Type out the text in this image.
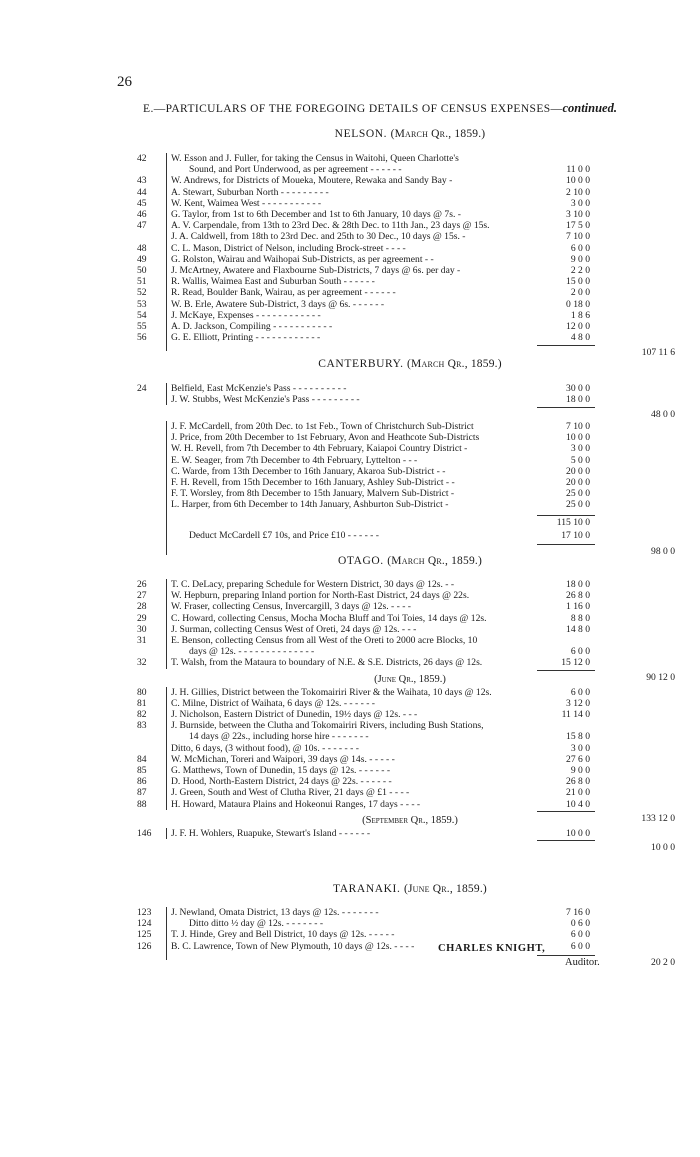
26
E.—PARTICULARS OF THE FOREGOING DETAILS OF CENSUS EXPENSES—continued.
NELSON. (March Qr., 1859.)
42	W. Esson and J. Fuller, for taking the Census in Waitohi, Queen Charlotte's
Sound, and Port Underwood, as per agreement - - - - - -	11 0 0
43	W. Andrews, for Districts of Moueka, Moutere, Rewaka and Sandy Bay -	10 0 0
44	A. Stewart, Suburban North - - - - - - - - -	2 10 0
45	W. Kent, Waimea West - - - - - - - - - - -	3 0 0
46	G. Taylor, from 1st to 6th December and 1st to 6th January, 10 days @ 7s. -	3 10 0
47	A. V. Carpendale, from 13th to 23rd Dec. & 28th Dec. to 11th Jan., 23 days @ 15s.	17 5 0
J. A. Caldwell, from 18th to 23rd Dec. and 25th to 30 Dec., 10 days @ 15s. -	7 10 0
48	C. L. Mason, District of Nelson, including Brock-street - - - -	6 0 0
49	G. Rolston, Wairau and Waihopai Sub-Districts, as per agreement - -	9 0 0
50	J. McArtney, Awatere and Flaxbourne Sub-Districts, 7 days @ 6s. per day -	2 2 0
51	R. Wallis, Waimea East and Suburban South - - - - - -	15 0 0
52	R. Read, Boulder Bank, Wairau, as per agreement - - - - - -	2 0 0
53	W. B. Erle, Awatere Sub-District, 3 days @ 6s. - - - - - -	0 18 0
54	J. McKaye, Expenses - - - - - - - - - - - -	1 8 6
55	A. D. Jackson, Compiling - - - - - - - - - - -	12 0 0
56	G. E. Elliott, Printing - - - - - - - - - - - -	4 8 0
107 11 6
CANTERBURY. (March Qr., 1859.)
24	Belfield, East McKenzie's Pass - - - - - - - - - -	30 0 0
J. W. Stubbs, West McKenzie's Pass - - - - - - - - -	18 0 0
48 0 0
J. F. McCardell, from 20th Dec. to 1st Feb., Town of Christchurch Sub-District	7 10 0
J. Price, from 20th December to 1st February, Avon and Heathcote Sub-Districts	10 0 0
W. H. Revell, from 7th December to 4th February, Kaiapoi Country District -	3 0 0
E. W. Seager, from 7th December to 4th February, Lyttelton - - -	5 0 0
C. Warde, from 13th December to 16th January, Akaroa Sub-District - -	20 0 0
F. H. Revell, from 15th December to 16th January, Ashley Sub-District - -	20 0 0
F. T. Worsley, from 8th December to 15th January, Malvern Sub-District -	25 0 0
L. Harper, from 6th December to 14th January, Ashburton Sub-District -	25 0 0
115 10 0
Deduct McCardell £7 10s, and Price £10 - - - - - -	17 10 0
98 0 0
OTAGO. (March Qr., 1859.)
26	T. C. DeLacy, preparing Schedule for Western District, 30 days @ 12s. - -	18 0 0
27	W. Hepburn, preparing Inland portion for North-East District, 24 days @ 22s.	26 8 0
28	W. Fraser, collecting Census, Invercargill, 3 days @ 12s. - - - -	1 16 0
29	C. Howard, collecting Census, Mocha Mocha Bluff and Toi Toies, 14 days @ 12s.	8 8 0
30	J. Surman, collecting Census West of Oreti, 24 days @ 12s. - - -	14 8 0
31	E. Benson, collecting Census from all West of the Oreti to 2000 acre Blocks, 10
days @ 12s. - - - - - - - - - - - - - -	6 0 0
32	T. Walsh, from the Mataura to boundary of N.E. & S.E. Districts, 26 days @ 12s.	15 12 0
90 12 0
(June Qr., 1859.)
80	J. H. Gillies, District between the Tokomairiri River & the Waihata, 10 days @ 12s.	6 0 0
81	C. Milne, District of Waihata, 6 days @ 12s. - - - - - -	3 12 0
82	J. Nicholson, Eastern District of Dunedin, 19½ days @ 12s. - - -	11 14 0
83	J. Burnside, between the Clutha and Tokomairiri Rivers, including Bush Stations,
14 days @ 22s., including horse hire - - - - - - -	15 8 0
Ditto, 6 days, (3 without food), @ 10s. - - - - - - -	3 0 0
84	W. McMichan, Toreri and Waipori, 39 days @ 14s. - - - - -	27 6 0
85	G. Matthews, Town of Dunedin, 15 days @ 12s. - - - - - -	9 0 0
86	D. Hood, North-Eastern District, 24 days @ 22s. - - - - - -	26 8 0
87	J. Green, South and West of Clutha River, 21 days @ £1 - - - -	21 0 0
88	H. Howard, Mataura Plains and Hokeonui Ranges, 17 days - - - -	10 4 0
133 12 0
(September Qr., 1859.)
146 J. F. H. Wohlers, Ruapuke, Stewart's Island - - - - - -	10 0 0
10 0 0
TARANAKI. (June Qr., 1859.)
123 J. Newland, Omata District, 13 days @ 12s. - - - - - - -	7 16 0
124	Ditto ditto ½ day @ 12s. - - - - - - -	0 6 0
125 T. J. Hinde, Grey and Bell District, 10 days @ 12s. - - - - -	6 0 0
126 B. C. Lawrence, Town of New Plymouth, 10 days @ 12s. - - - -	6 0 0
20 2 0
CHARLES KNIGHT,
Auditor.
